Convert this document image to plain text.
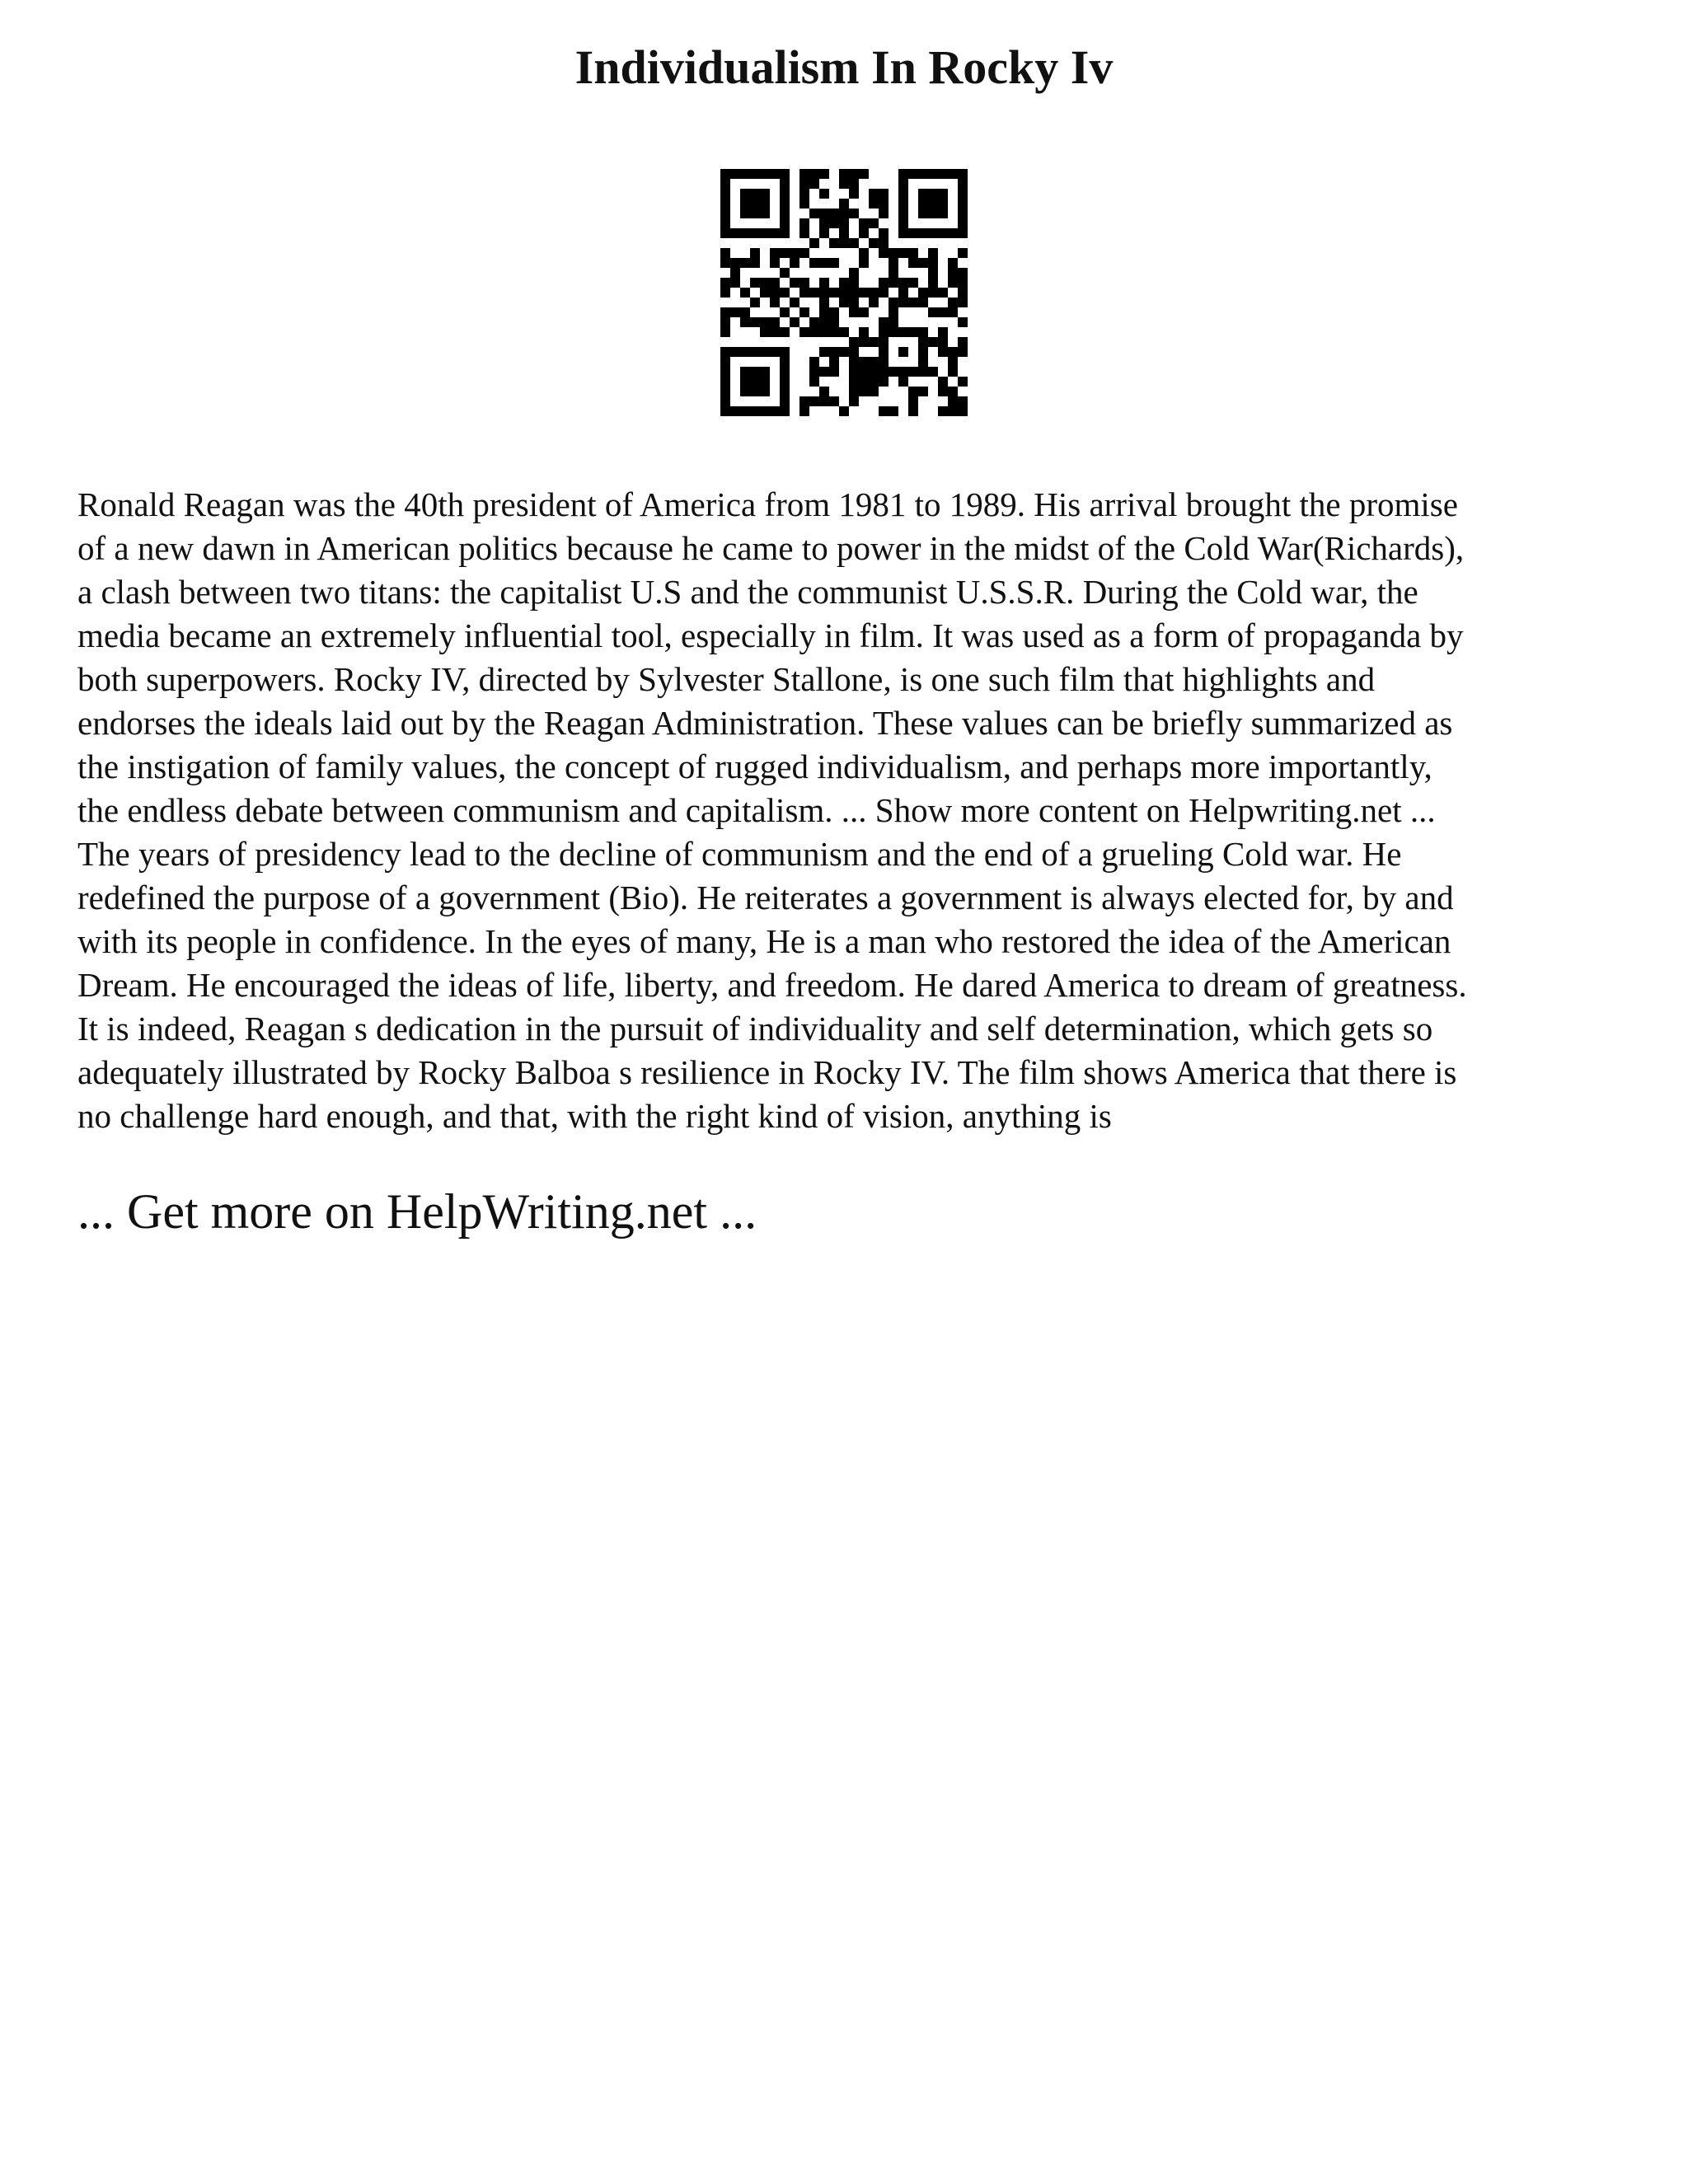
Individualism In Rocky Iv
Ronald Reagan was the 40th president of America from 1981 to 1989. His arrival brought the promise
of a new dawn in American politics because he came to power in the midst of the Cold War(Richards),
a clash between two titans: the capitalist U.S and the communist U.S.S.R. During the Cold war, the
media became an extremely influential tool, especially in film. It was used as a form of propaganda by
both superpowers. Rocky IV, directed by Sylvester Stallone, is one such film that highlights and
endorses the ideals laid out by the Reagan Administration. These values can be briefly summarized as
the instigation of family values, the concept of rugged individualism, and perhaps more importantly,
the endless debate between communism and capitalism. ... Show more content on Helpwriting.net ...
The years of presidency lead to the decline of communism and the end of a grueling Cold war. He
redefined the purpose of a government (Bio). He reiterates a government is always elected for, by and
with its people in confidence. In the eyes of many, He is a man who restored the idea of the American
Dream. He encouraged the ideas of life, liberty, and freedom. He dared America to dream of greatness.
It is indeed, Reagan s dedication in the pursuit of individuality and self determination, which gets so
adequately illustrated by Rocky Balboa s resilience in Rocky IV. The film shows America that there is
no challenge hard enough, and that, with the right kind of vision, anything is

... Get more on HelpWriting.net ...
